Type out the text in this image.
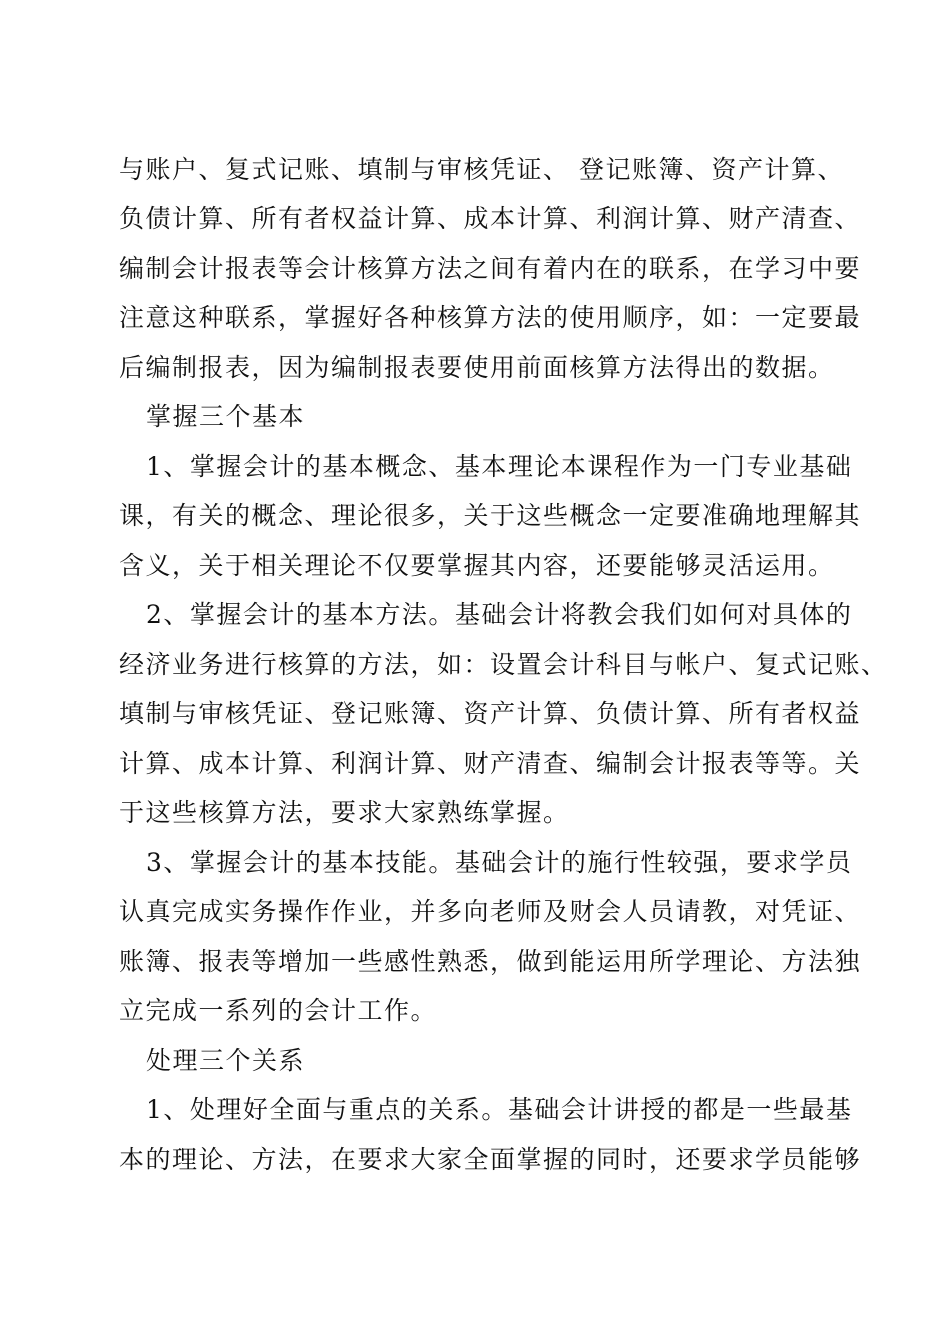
与账户、复式记账、填制与审核凭证、 登记账簿、资产计算、
负债计算、所有者权益计算、成本计算、利润计算、财产清查、
编制会计报表等会计核算方法之间有着内在的联系，在学习中要
注意这种联系，掌握好各种核算方法的使用顺序，如：一定要最
后编制报表，因为编制报表要使用前面核算方法得出的数据。
掌握三个基本
1、掌握会计的基本概念、基本理论本课程作为一门专业基础
课，有关的概念、理论很多，关于这些概念一定要准确地理解其
含义，关于相关理论不仅要掌握其内容，还要能够灵活运用。
2、掌握会计的基本方法。基础会计将教会我们如何对具体的
经济业务进行核算的方法，如：设置会计科目与帐户、复式记账、
填制与审核凭证、登记账簿、资产计算、负债计算、所有者权益
计算、成本计算、利润计算、财产清查、编制会计报表等等。关
于这些核算方法，要求大家熟练掌握。
3、掌握会计的基本技能。基础会计的施行性较强，要求学员
认真完成实务操作作业，并多向老师及财会人员请教，对凭证、
账簿、报表等增加一些感性熟悉，做到能运用所学理论、方法独
立完成一系列的会计工作。
处理三个关系
1、处理好全面与重点的关系。基础会计讲授的都是一些最基
本的理论、方法，在要求大家全面掌握的同时，还要求学员能够
